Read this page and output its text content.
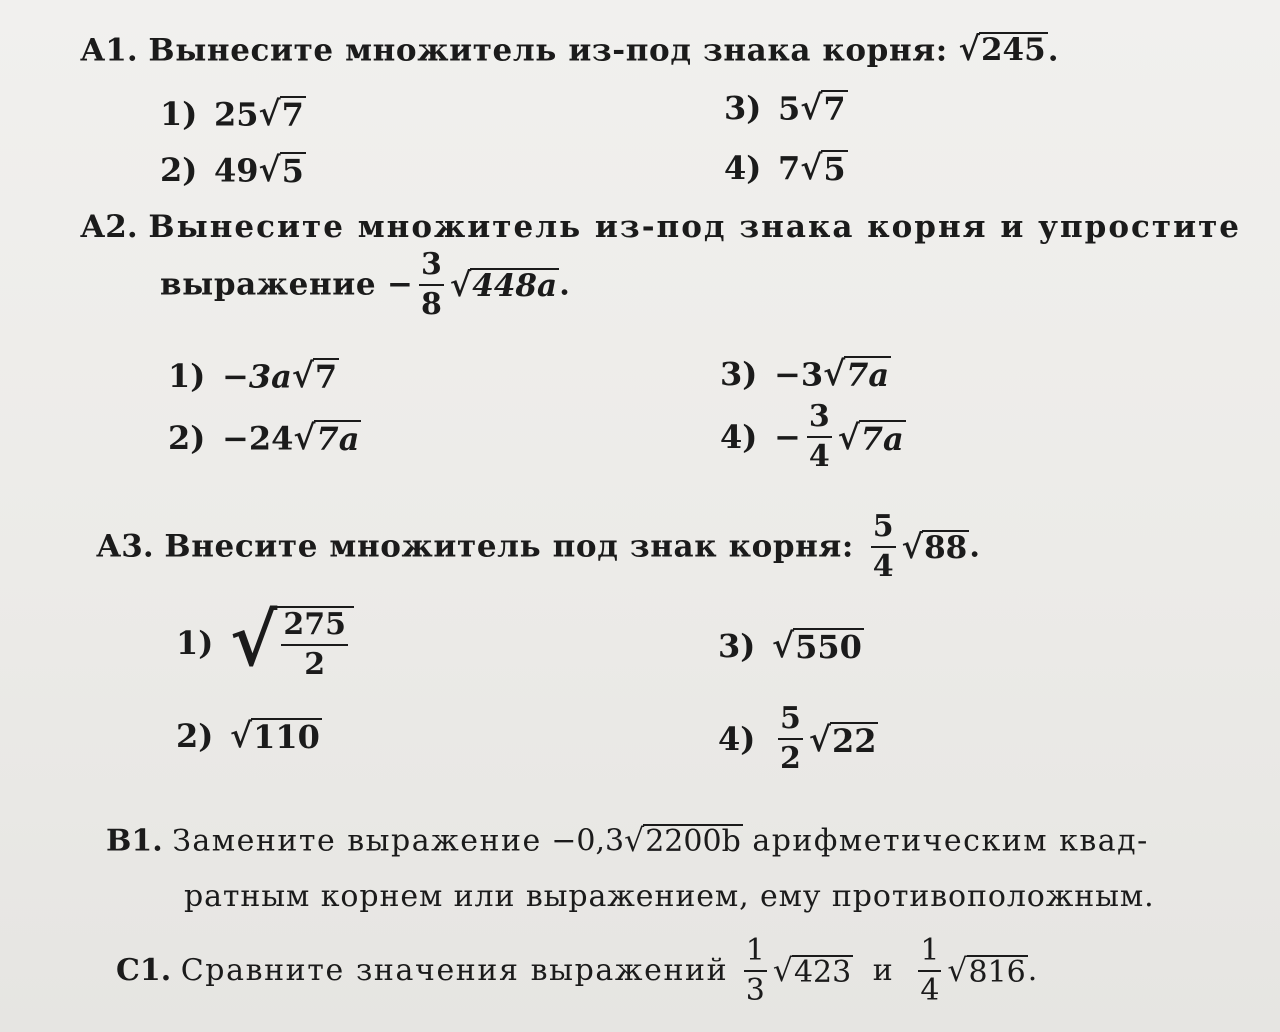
А1. Вынесите множитель из-под знака корня: √ 245 .
1) 25 √ 7
2) 49 √ 5
3) 5 √ 7
4) 7 √ 5
А2. Вынесите множитель из-под знака корня и упростите
выражение − $\frac{3}{8}$ √ 448a .
1) −3a √ 7
2) −24 √ 7a
3) −3 √ 7a
$4) - \frac{3}{4}$ √ 7a
А3. Внесите множитель под знак корня: $\frac{5}{4}$ √ 88 .
1) √
$\frac{275}{2}$
2) √ 110
3) √ 550
$4) \frac{5}{2}$ √ 22
В1. Замените выражение −0,3 √ 2200b арифметическим квад-
ратным корнем или выражением, ему противоположным.
С1. Сравните значения выражений $\frac{1}{3}$ √ 423 и $\frac{1}{4}$ √ 816 .
